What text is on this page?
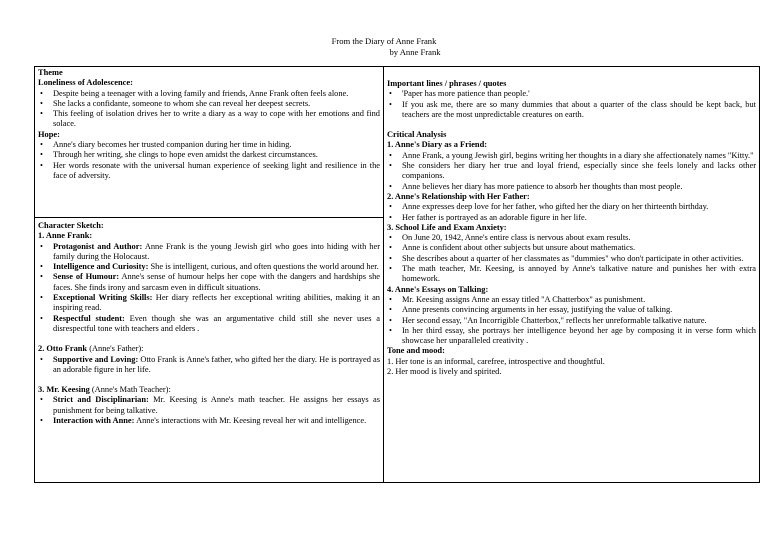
From the Diary of Anne Frank
by Anne Frank
Theme
Loneliness of Adolescence:
• Despite being a teenager with a loving family and friends, Anne Frank often feels alone.
• She lacks a confidante, someone to whom she can reveal her deepest secrets.
• This feeling of isolation drives her to write a diary as a way to cope with her emotions and find solace.
Hope:
• Anne's diary becomes her trusted companion during her time in hiding.
• Through her writing, she clings to hope even amidst the darkest circumstances.
• Her words resonate with the universal human experience of seeking light and resilience in the face of adversity.
Character Sketch:
1. Anne Frank:
• Protagonist and Author: Anne Frank is the young Jewish girl who goes into hiding with her family during the Holocaust.
• Intelligence and Curiosity: She is intelligent, curious, and often questions the world around her.
• Sense of Humour: Anne's sense of humour helps her cope with the dangers and hardships she faces. She finds irony and sarcasm even in difficult situations.
• Exceptional Writing Skills: Her diary reflects her exceptional writing abilities, making it an inspiring read.
• Respectful student: Even though she was an argumentative child still she never uses a disrespectful tone with teachers and elders .
2. Otto Frank (Anne's Father):
• Supportive and Loving: Otto Frank is Anne's father, who gifted her the diary. He is portrayed as an adorable figure in her life.
3. Mr. Keesing (Anne's Math Teacher):
• Strict and Disciplinarian: Mr. Keesing is Anne's math teacher. He assigns her essays as punishment for being talkative.
• Interaction with Anne: Anne's interactions with Mr. Keesing reveal her wit and intelligence.
Important lines / phrases / quotes
• 'Paper has more patience than people.'
• If you ask me, there are so many dummies that about a quarter of the class should be kept back, but teachers are the most unpredictable creatures on earth.
Critical Analysis
1. Anne's Diary as a Friend:
• Anne Frank, a young Jewish girl, begins writing her thoughts in a diary she affectionately names "Kitty."
• She considers her diary her true and loyal friend, especially since she feels lonely and lacks other companions.
• Anne believes her diary has more patience to absorb her thoughts than most people.
2. Anne's Relationship with Her Father:
• Anne expresses deep love for her father, who gifted her the diary on her thirteenth birthday.
• Her father is portrayed as an adorable figure in her life.
3. School Life and Exam Anxiety:
• On June 20, 1942, Anne's entire class is nervous about exam results.
• Anne is confident about other subjects but unsure about mathematics.
• She describes about a quarter of her classmates as "dummies" who don't participate in other activities.
• The math teacher, Mr. Keesing, is annoyed by Anne's talkative nature and punishes her with extra homework.
4. Anne's Essays on Talking:
• Mr. Keesing assigns Anne an essay titled "A Chatterbox" as punishment.
• Anne presents convincing arguments in her essay, justifying the value of talking.
• Her second essay, "An Incorrigible Chatterbox," reflects her unreformable talkative nature.
• In her third essay, she portrays her intelligence beyond her age by composing it in verse form which showcase her unparalleled creativity .
Tone and mood:
1. Her tone is an informal, carefree, introspective and thoughtful.
2. Her mood is lively and spirited.
